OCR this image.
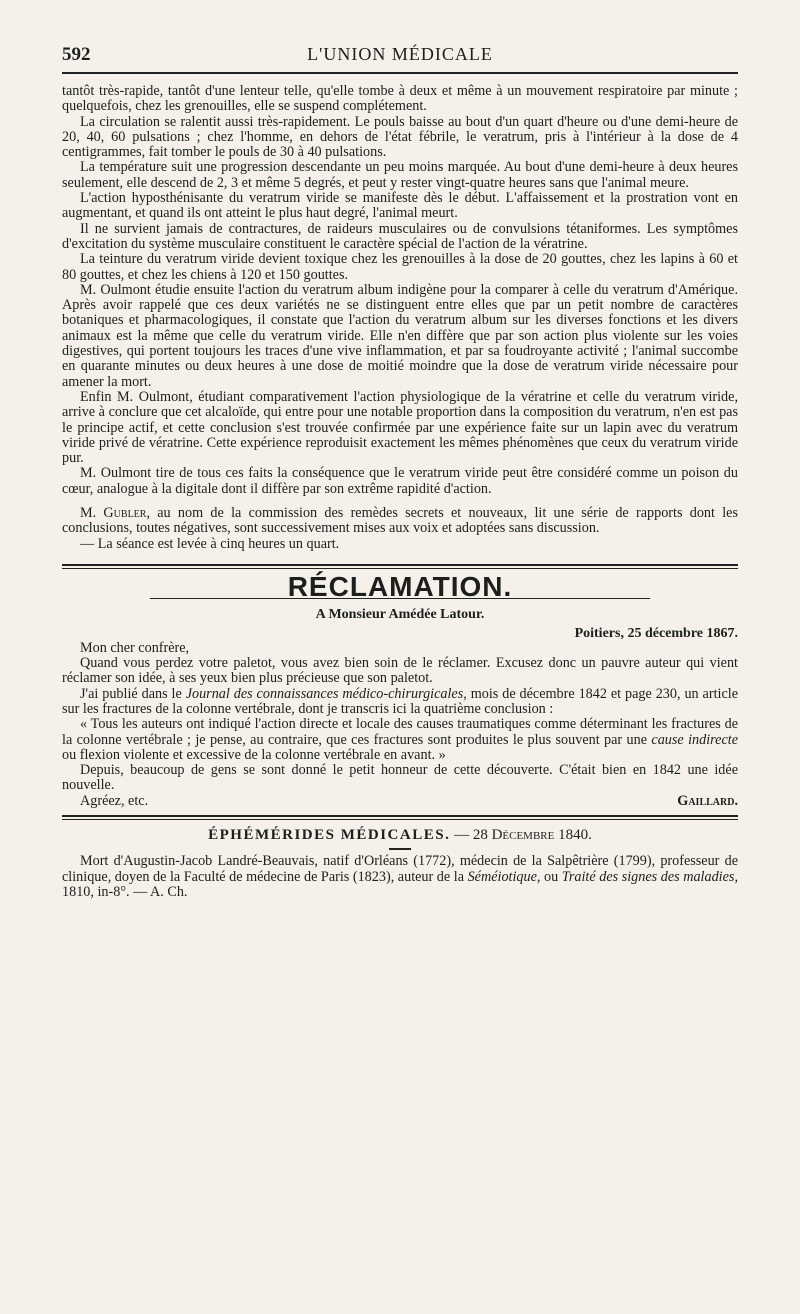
592	L'UNION MÉDICALE

tantôt très-rapide, tantôt d'une lenteur telle, qu'elle tombe à deux et même à un mouvement respiratoire par minute ; quelquefois, chez les grenouilles, elle se suspend complétement.

La circulation se ralentit aussi très-rapidement. Le pouls baisse au bout d'un quart d'heure ou d'une demi-heure de 20, 40, 60 pulsations ; chez l'homme, en dehors de l'état fébrile, le veratrum, pris à l'intérieur à la dose de 4 centigrammes, fait tomber le pouls de 30 à 40 pulsations.

La température suit une progression descendante un peu moins marquée. Au bout d'une demi-heure à deux heures seulement, elle descend de 2, 3 et même 5 degrés, et peut y rester vingt-quatre heures sans que l'animal meure.

L'action hyposthénisante du veratrum viride se manifeste dès le début. L'affaissement et la prostration vont en augmentant, et quand ils ont atteint le plus haut degré, l'animal meurt.

Il ne survient jamais de contractures, de raideurs musculaires ou de convulsions tétaniformes. Les symptômes d'excitation du système musculaire constituent le caractère spécial de l'action de la vératrine.

La teinture du veratrum viride devient toxique chez les grenouilles à la dose de 20 gouttes, chez les lapins à 60 et 80 gouttes, et chez les chiens à 120 et 150 gouttes.

M. Oulmont étudie ensuite l'action du veratrum album indigène pour la comparer à celle du veratrum d'Amérique. Après avoir rappelé que ces deux variétés ne se distinguent entre elles que par un petit nombre de caractères botaniques et pharmacologiques, il constate que l'action du veratrum album sur les diverses fonctions et les divers animaux est la même que celle du veratrum viride. Elle n'en diffère que par son action plus violente sur les voies digestives, qui portent toujours les traces d'une vive inflammation, et par sa foudroyante activité ; l'animal succombe en quarante minutes ou deux heures à une dose de moitié moindre que la dose de veratrum viride nécessaire pour amener la mort.

Enfin M. Oulmont, étudiant comparativement l'action physiologique de la vératrine et celle du veratrum viride, arrive à conclure que cet alcaloïde, qui entre pour une notable proportion dans la composition du veratrum, n'en est pas le principe actif, et cette conclusion s'est trouvée confirmée par une expérience faite sur un lapin avec du veratrum viride privé de vératrine. Cette expérience reproduisit exactement les mêmes phénomènes que ceux du veratrum viride pur.

M. Oulmont tire de tous ces faits la conséquence que le veratrum viride peut être considéré comme un poison du cœur, analogue à la digitale dont il diffère par son extrême rapidité d'action.

M. Gubler, au nom de la commission des remèdes secrets et nouveaux, lit une série de rapports dont les conclusions, toutes négatives, sont successivement mises aux voix et adoptées sans discussion.

— La séance est levée à cinq heures un quart.

RÉCLAMATION.
A Monsieur Amédée Latour.
Poitiers, 25 décembre 1867.

Mon cher confrère,

Quand vous perdez votre paletot, vous avez bien soin de le réclamer. Excusez donc un pauvre auteur qui vient réclamer son idée, à ses yeux bien plus précieuse que son paletot.

J'ai publié dans le Journal des connaissances médico-chirurgicales, mois de décembre 1842 et page 230, un article sur les fractures de la colonne vertébrale, dont je transcris ici la quatrième conclusion :

« Tous les auteurs ont indiqué l'action directe et locale des causes traumatiques comme déterminant les fractures de la colonne vertébrale ; je pense, au contraire, que ces fractures sont produites le plus souvent par une cause indirecte ou flexion violente et excessive de la colonne vertébrale en avant. »

Depuis, beaucoup de gens se sont donné le petit honneur de cette découverte. C'était bien en 1842 une idée nouvelle.

Agréez, etc.	Gaillard.
ÉPHÉMÉRIDES MÉDICALES. — 28 Décembre 1840.

Mort d'Augustin-Jacob Landré-Beauvais, natif d'Orléans (1772), médecin de la Salpêtrière (1799), professeur de clinique, doyen de la Faculté de médecine de Paris (1823), auteur de la Séméiotique, ou Traité des signes des maladies, 1810, in-8°. — A. Ch.
